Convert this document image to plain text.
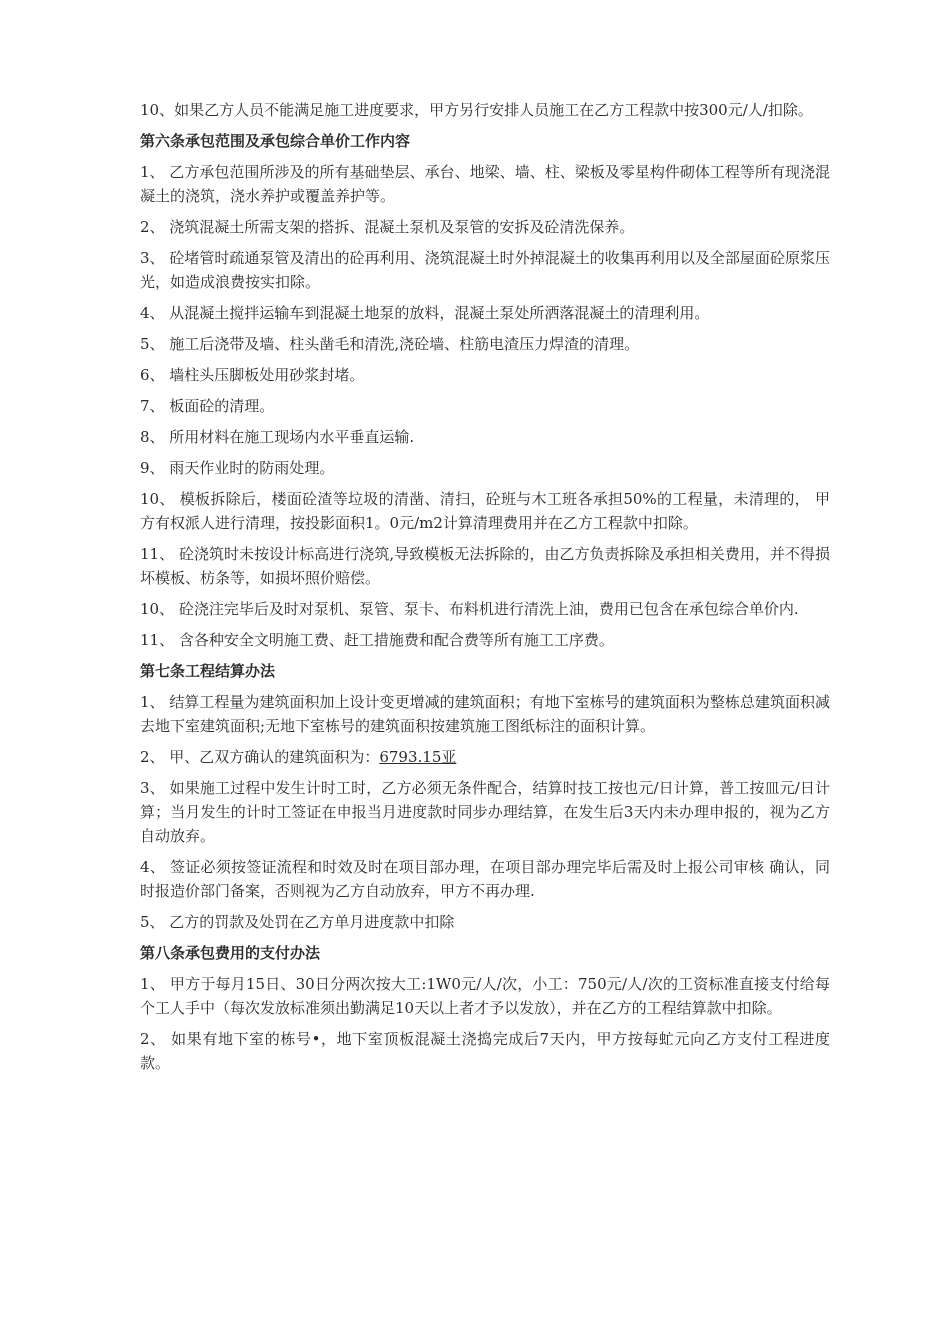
10、如果乙方人员不能满足施工进度要求，甲方另行安排人员施工在乙方工程款中按300元/人/扣除。

第六条承包范围及承包综合单价工作内容

1、 乙方承包范围所涉及的所有基础垫层、承台、地梁、墙、柱、梁板及零星构件砌体工程等所有现浇混凝土的浇筑，浇水养护或覆盖养护等。

2、 浇筑混凝土所需支架的搭拆、混凝土泵机及泵管的安拆及砼清洗保养。

3、 砼堵管时疏通泵管及清出的砼再利用、浇筑混凝土时外掉混凝土的收集再利用以及全部屋面砼原浆压光，如造成浪费按实扣除。

4、 从混凝土搅拌运输车到混凝土地泵的放料，混凝土泵处所洒落混凝土的清理利用。

5、 施工后浇带及墙、柱头凿毛和清洗,浇砼墙、柱筋电渣压力焊渣的清理。

6、 墙柱头压脚板处用砂浆封堵。

7、 板面砼的清理。

8、 所用材料在施工现场内水平垂直运输.

9、 雨天作业时的防雨处理。

10、 模板拆除后，楼面砼渣等垃圾的清凿、清扫，砼班与木工班各承担50%的工程量，未清理的， 甲方有权派人进行清理，按投影面积1。0元/m2计算清理费用并在乙方工程款中扣除。

11、 砼浇筑时未按设计标高进行浇筑,导致模板无法拆除的，由乙方负责拆除及承担相关费用，并不得损坏模板、枋条等，如损坏照价赔偿。

10、 砼浇注完毕后及时对泵机、泵管、泵卡、布料机进行清洗上油，费用已包含在承包综合单价内.

11、 含各种安全文明施工费、赶工措施费和配合费等所有施工工序费。

第七条工程结算办法

1、 结算工程量为建筑面积加上设计变更增减的建筑面积；有地下室栋号的建筑面积为整栋总建筑面积减去地下室建筑面积;无地下室栋号的建筑面积按建筑施工图纸标注的面积计算。

2、 甲、乙双方确认的建筑面积为：6793.15亚

3、 如果施工过程中发生计时工时，乙方必须无条件配合，结算时技工按也元/日计算，普工按皿元/日计算；当月发生的计时工签证在申报当月进度款时同步办理结算，在发生后3天内未办理申报的，视为乙方自动放弃。

4、 签证必须按签证流程和时效及时在项目部办理，在项目部办理完毕后需及时上报公司审核 确认，同时报造价部门备案，否则视为乙方自动放弃，甲方不再办理.

5、 乙方的罚款及处罚在乙方单月进度款中扣除

第八条承包费用的支付办法

1、 甲方于每月15日、30日分两次按大工:1W0元/人/次，小工：750元/人/次的工资标准直接支付给每个工人手中（每次发放标准须出勤满足10天以上者才予以发放），并在乙方的工程结算款中扣除。

2、 如果有地下室的栋号•，地下室顶板混凝土浇捣完成后7天内，甲方按每虻元向乙方支付工程进度款。
